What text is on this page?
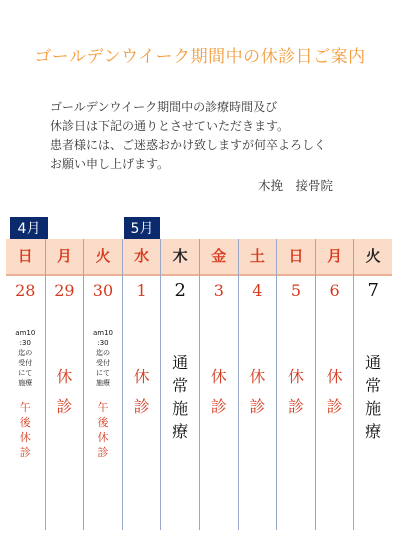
ゴールデンウイーク期間中の休診日ご案内
ゴールデンウイーク期間中の診療時間及び
休診日は下記の通りとさせていただきます。
患者様には、ご迷惑おかけ致しますが何卒よろしく
お願い申し上げます。
木挽　接骨院
4月	5月
日
28
am10
:30
迄の
受付
にて
施療
午
後
休
診
月
29
休
診
火
30
am10
:30
迄の
受付
にて
施療
午
後
休
診
水
1
休
診
木
2
通
常
施
療
金
3
休
診
土
4
休
診
日
5
休
診
月
6
休
診
火
7
通
常
施
療
